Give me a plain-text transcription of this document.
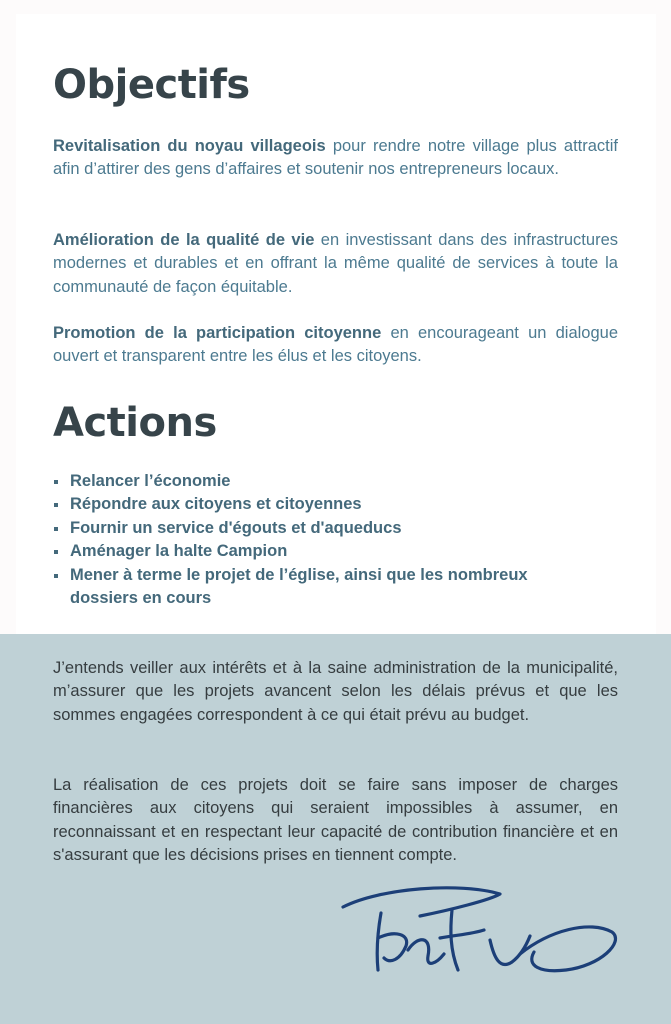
Objectifs

Revitalisation du noyau villageois pour rendre notre village plus attractif afin d’attirer des gens d’affaires et soutenir nos entrepreneurs locaux.

Amélioration de la qualité de vie en investissant dans des infrastructures modernes et durables et en offrant la même qualité de services à toute la communauté de façon équitable.

Promotion de la participation citoyenne en encourageant un dialogue ouvert et transparent entre les élus et les citoyens.

Actions
Relancer l’économie
Répondre aux citoyens et citoyennes
Fournir un service d'égouts et d'aqueducs
Aménager la halte Campion
Mener à terme le projet de l’église, ainsi que les nombreux dossiers en cours

J’entends veiller aux intérêts et à la saine administration de la municipalité, m’assurer que les projets avancent selon les délais prévus et que les sommes engagées correspondent à ce qui était prévu au budget.

La réalisation de ces projets doit se faire sans imposer de charges financières aux citoyens qui seraient impossibles à assumer, en reconnaissant et en respectant leur capacité de contribution financière et en s'assurant que les décisions prises en tiennent compte.
